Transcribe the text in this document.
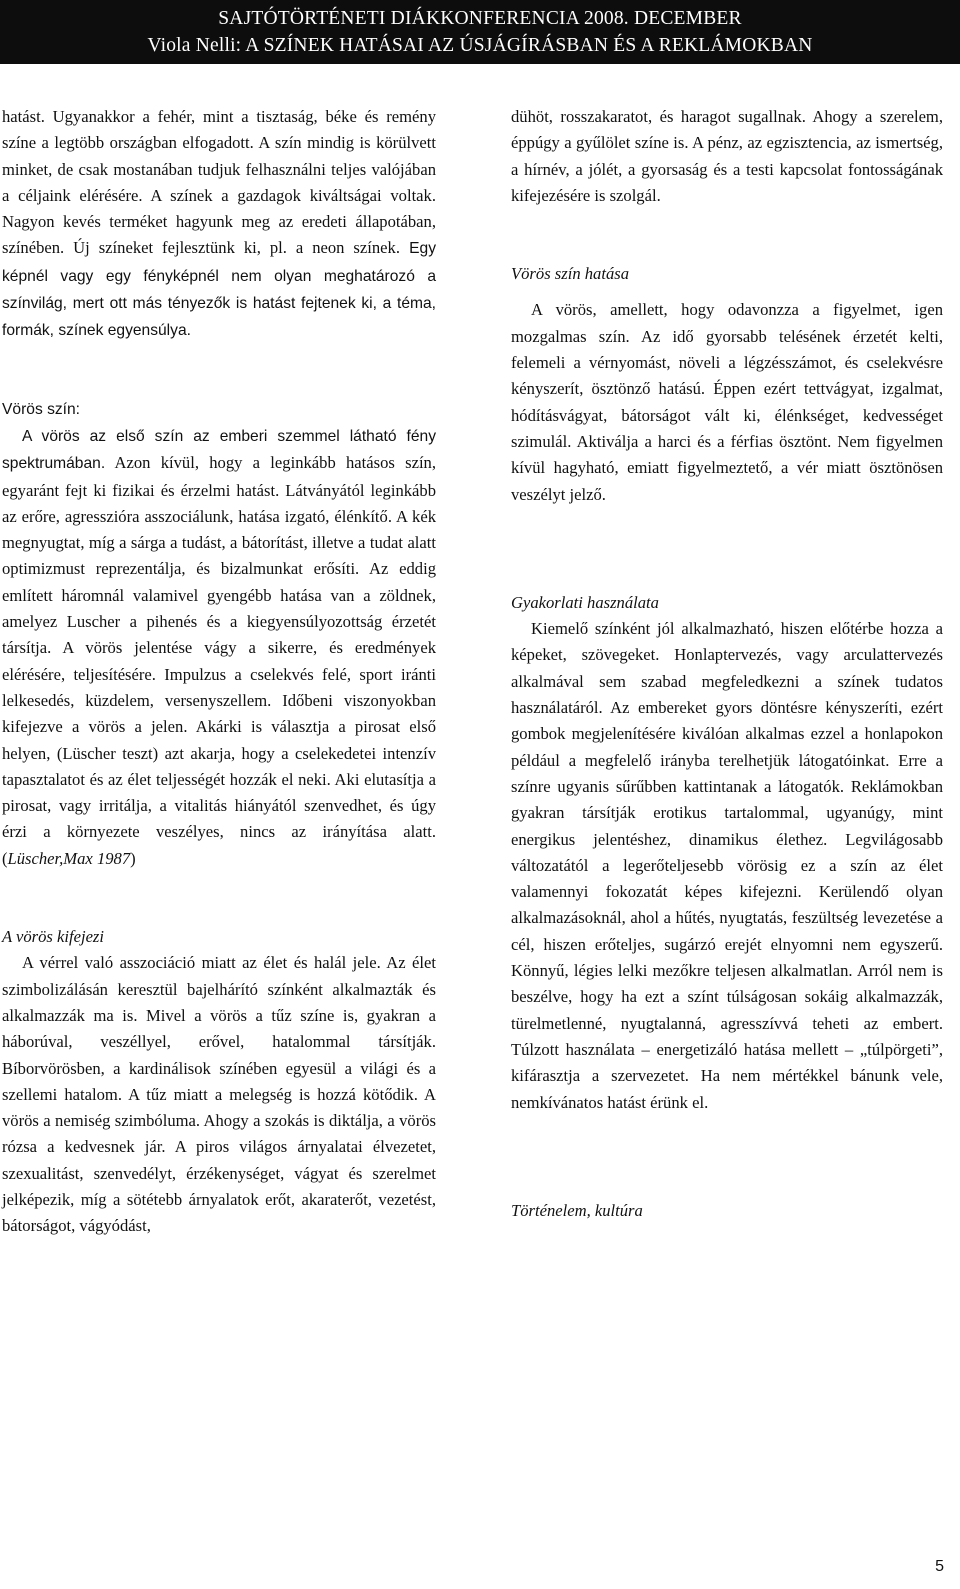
SAJTÓTÖRTÉNETI DIÁKKONFERENCIA 2008. DECEMBER
Viola Nelli: A SZÍNEK HATÁSAI AZ ÚSJÁGÍRÁSBAN ÉS A REKLÁMOKBAN

hatást. Ugyanakkor a fehér, mint a tisztaság, béke és remény színe a legtöbb országban elfogadott. A szín mindig is körülvett minket, de csak mostanában tudjuk felhasználni teljes valójában a céljaink elérésére. A színek a gazdagok kiváltságai voltak. Nagyon kevés terméket hagyunk meg az eredeti állapotában, színében. Új színeket fejlesztünk ki, pl. a neon színek. Egy képnél vagy egy fényképnél nem olyan meghatározó a színvilág, mert ott más tényezők is hatást fejtenek ki, a téma, formák, színek egyensúlya.

Vörös szín:

A vörös az első szín az emberi szemmel látható fény spektrumában. Azon kívül, hogy a leginkább hatásos szín, egyaránt fejt ki fizikai és érzelmi hatást. Látványától leginkább az erőre, agresszióra asszociálunk, hatása izgató, élénkítő. A kék megnyugtat, míg a sárga a tudást, a bátorítást, illetve a tudat alatt optimizmust reprezentálja, és bizalmunkat erősíti. Az eddig említett háromnál valamivel gyengébb hatása van a zöldnek, amelyez Luscher a pihenés és a kiegyensúlyozottság érzetét társítja. A vörös jelentése vágy a sikerre, és eredmények elérésére, teljesítésére. Impulzus a cselekvés felé, sport iránti lelkesedés, küzdelem, versenyszellem. Időbeni viszonyokban kifejezve a vörös a jelen. Akárki is választja a pirosat első helyen, (Lüscher teszt) azt akarja, hogy a cselekedetei intenzív tapasztalatot és az élet teljességét hozzák el neki. Aki elutasítja a pirosat, vagy irritálja, a vitalitás hiányától szenvedhet, és úgy érzi a környezete veszélyes, nincs az irányítása alatt. (Lüscher,Max 1987)

A vörös kifejezi

A vérrel való asszociáció miatt az élet és halál jele. Az élet szimbolizálásán keresztül bajelhárító színként alkalmazták és alkalmazzák ma is. Mivel a vörös a tűz színe is, gyakran a háborúval, veszéllyel, erővel, hatalommal társítják. Bíborvörösben, a kardinálisok színében egyesül a világi és a szellemi hatalom. A tűz miatt a melegség is hozzá kötődik. A vörös a nemiség szimbóluma. Ahogy a szokás is diktálja, a vörös rózsa a kedvesnek jár. A piros világos árnyalatai élvezetet, szexualitást, szenvedélyt, érzékenységet, vágyat és szerelmet jelképezik, míg a sötétebb árnyalatok erőt, akaraterőt, vezetést, bátorságot, vágyódást,

dühöt, rosszakaratot, és haragot sugallnak. Ahogy a szerelem, éppúgy a gyűlölet színe is. A pénz, az egzisztencia, az ismertség, a hírnév, a jólét, a gyorsaság és a testi kapcsolat fontosságának kifejezésére is szolgál.

Vörös szín hatása

A vörös, amellett, hogy odavonzza a figyelmet, igen mozgalmas szín. Az idő gyorsabb telésének érzetét kelti, felemeli a vérnyomást, növeli a légzésszámot, és cselekvésre kényszerít, ösztönző hatású. Éppen ezért tettvágyat, izgalmat, hódításvágyat, bátorságot vált ki, élénkséget, kedvességet szimulál. Aktiválja a harci és a férfias ösztönt. Nem figyelmen kívül hagyható, emiatt figyelmeztető, a vér miatt ösztönösen veszélyt jelző.

Gyakorlati használata

Kiemelő színként jól alkalmazható, hiszen előtérbe hozza a képeket, szövegeket. Honlaptervezés, vagy arculattervezés alkalmával sem szabad megfeledkezni a színek tudatos használatáról. Az embereket gyors döntésre kényszeríti, ezért gombok megjelenítésére kiválóan alkalmas ezzel a honlapokon például a megfelelő irányba terelhetjük látogatóinkat. Erre a színre ugyanis sűrűbben kattintanak a látogatók. Reklámokban gyakran társítják erotikus tartalommal, ugyanúgy, mint energikus jelentéshez, dinamikus élethez. Legvilágosabb változatától a legerőteljesebb vörösig ez a szín az élet valamennyi fokozatát képes kifejezni. Kerülendő olyan alkalmazásoknál, ahol a hűtés, nyugtatás, feszültség levezetése a cél, hiszen erőteljes, sugárzó erejét elnyomni nem egyszerű. Könnyű, légies lelki mezőkre teljesen alkalmatlan. Arról nem is beszélve, hogy ha ezt a színt túlságosan sokáig alkalmazzák, türelmetlenné, nyugtalanná, agresszívvá teheti az embert. Túlzott használata – energetizáló hatása mellett – „túlpörgeti”, kifárasztja a szervezetet. Ha nem mértékkel bánunk vele, nemkívánatos hatást érünk el.

Történelem, kultúra

5
